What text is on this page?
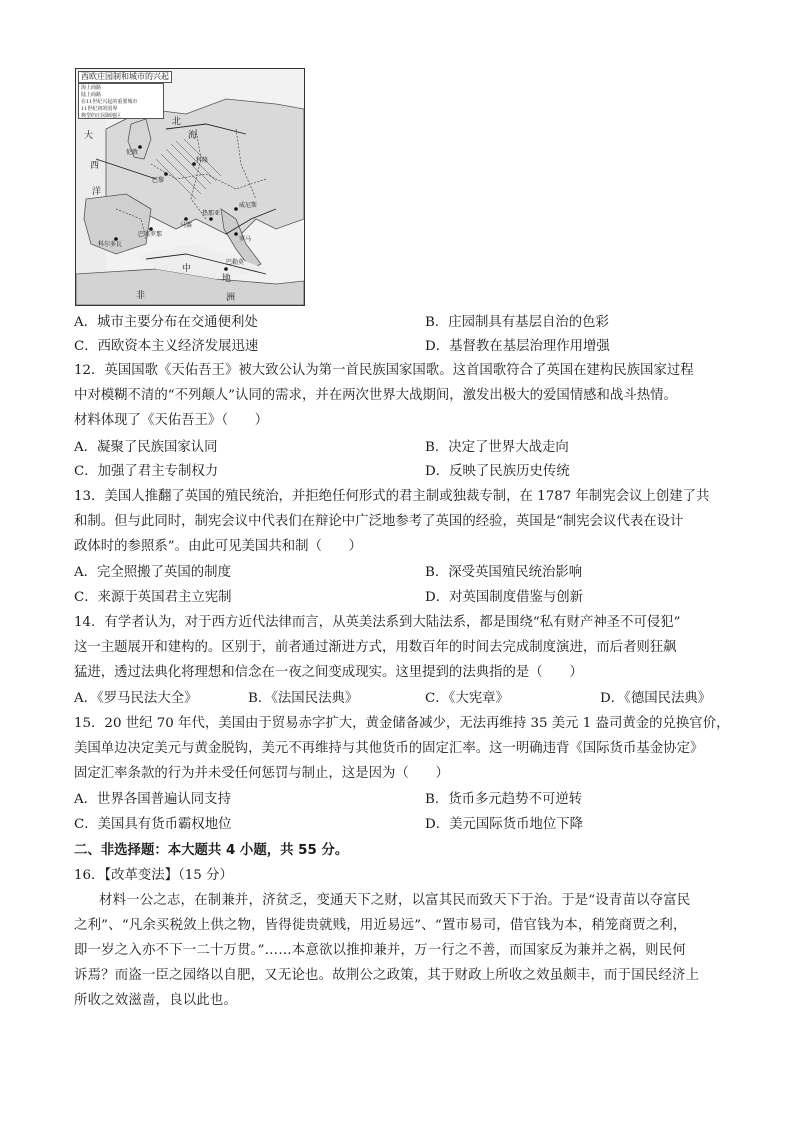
西欧庄园制和城市的兴起
海上商路
陆上商路
在11世纪兴起的重要城市
11世纪初的国界
典型的庄园制地区
大
西
洋
北
海
中
地
非	洲
巴黎
伦敦
科隆
威尼斯
热那亚
罗马
巴塞罗那
马赛
科尔多瓦
巴勒莫
A．城市主要分布在交通便利处	B．庄园制具有基层自治的色彩
C．西欧资本主义经济发展迅速	D．基督教在基层治理作用增强
12．英国国歌《天佑吾王》被大致公认为第一首民族国家国歌。这首国歌符合了英国在建构民族国家过程
中对模糊不清的“不列颠人”认同的需求，并在两次世界大战期间，激发出极大的爱国情感和战斗热情。
材料体现了《天佑吾王》（　　）
A．凝聚了民族国家认同	B．决定了世界大战走向
C．加强了君主专制权力	D．反映了民族历史传统
13．美国人推翻了英国的殖民统治，并拒绝任何形式的君主制或独裁专制，在 1787 年制宪会议上创建了共
和制。但与此同时，制宪会议中代表们在辩论中广泛地参考了英国的经验，英国是“制宪会议代表在设计
政体时的参照系”。由此可见美国共和制（　　）
A．完全照搬了英国的制度	B．深受英国殖民统治影响
C．来源于英国君主立宪制	D．对英国制度借鉴与创新
14．有学者认为，对于西方近代法律而言，从英美法系到大陆法系，都是围绕“私有财产神圣不可侵犯”
这一主题展开和建构的。区别于，前者通过渐进方式，用数百年的时间去完成制度演进，而后者则狂飙
猛进，透过法典化将理想和信念在一夜之间变成现实。这里提到的法典指的是（　　）
A．《罗马民法大全》	B．《法国民法典》	C．《大宪章》	D．《德国民法典》
15．20 世纪 70 年代，美国由于贸易赤字扩大，黄金储备减少，无法再维持 35 美元 1 盎司黄金的兑换官价，
美国单边决定美元与黄金脱钩，美元不再维持与其他货币的固定汇率。这一明确违背《国际货币基金协定》
固定汇率条款的行为并未受任何惩罚与制止，这是因为（　　）
A．世界各国普遍认同支持	B．货币多元趋势不可逆转
C．美国具有货币霸权地位	D．美元国际货币地位下降
二、非选择题：本大题共 4 小题，共 55 分。
16．【改革变法】（15 分）
材料一公之志，在制兼并，济贫乏，变通天下之财，以富其民而致天下于治。于是“设青苗以夺富民
之利”、“凡余买税敛上供之物，皆得徙贵就贱，用近易远”、“置市易司，借官钱为本，稍笼商贾之利，
即一岁之入亦不下一二十万贯。”……本意欲以推抑兼并，万一行之不善，而国家反为兼并之祸，则民何
诉焉？而盗一臣之园络以自肥，又无论也。故荆公之政策，其于财政上所收之效虽颇丰，而于国民经济上
所收之效滋啬，良以此也。
